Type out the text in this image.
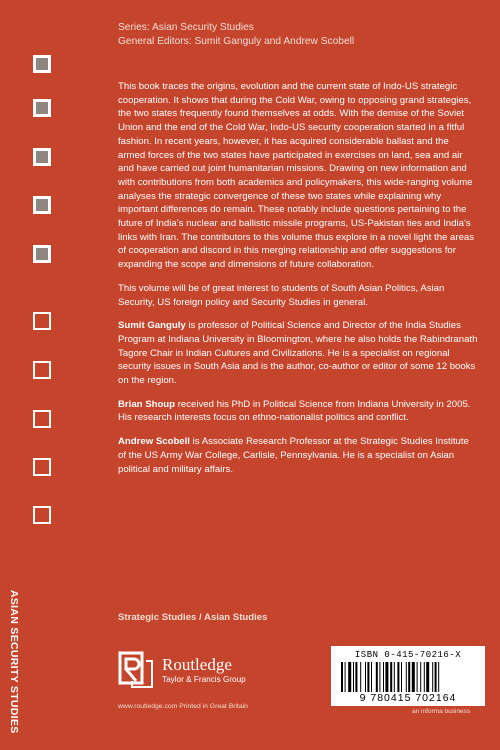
Series: Asian Security Studies
General Editors: Sumit Ganguly and Andrew Scobell

This book traces the origins, evolution and the current state of Indo-US strategic cooperation. It shows that during the Cold War, owing to opposing grand strategies, the two states frequently found themselves at odds. With the demise of the Soviet Union and the end of the Cold War, Indo-US security cooperation started in a fitful fashion. In recent years, however, it has acquired considerable ballast and the armed forces of the two states have participated in exercises on land, sea and air and have carried out joint humanitarian missions. Drawing on new information and with contributions from both academics and policymakers, this wide-ranging volume analyses the strategic convergence of these two states while explaining why important differences do remain. These notably include questions pertaining to the future of India’s nuclear and ballistic missile programs, US-Pakistan ties and India’s links with Iran. The contributors to this volume thus explore in a novel light the areas of cooperation and discord in this merging relationship and offer suggestions for expanding the scope and dimensions of future collaboration.

This volume will be of great interest to students of South Asian Politics, Asian Security, US foreign policy and Security Studies in general.

Sumit Ganguly is professor of Political Science and Director of the India Studies Program at Indiana University in Bloomington, where he also holds the Rabindranath Tagore Chair in Indian Cultures and Civilizations. He is a specialist on regional security issues in South Asia and is the author, co-author or editor of some 12 books on the region.

Brian Shoup received his PhD in Political Science from Indiana University in 2005. His research interests focus on ethno-nationalist politics and conflict.

Andrew Scobell is Associate Research Professor at the Strategic Studies Institute of the US Army War College, Carlisle, Pennsylvania. He is a specialist on Asian political and military affairs.

ASIAN SECURITY STUDIES	Strategic Studies / Asian Studies
Routledge
Taylor & Francis Group
www.routledge.com Printed in Great Britain
ISBN 0-415-70216-X
9 780415 702164
an informa business
